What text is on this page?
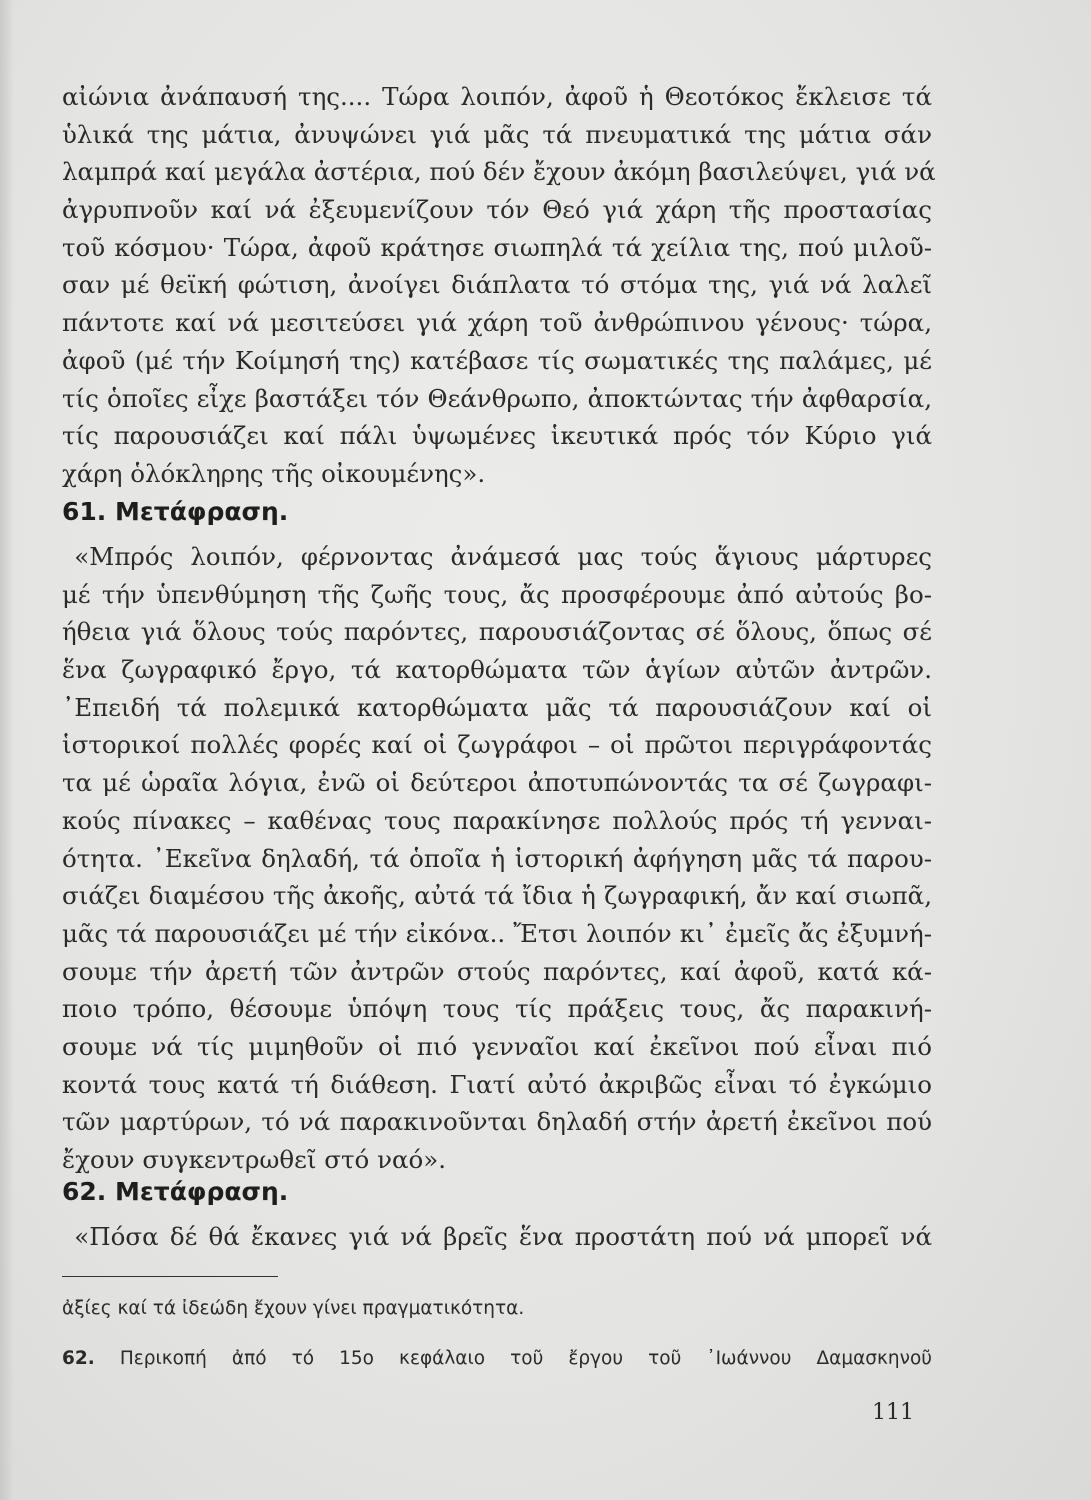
αἰώνια ἀνάπαυσή της.... Τώρα λοιπόν, ἀφοῦ ἡ Θεοτόκος ἔκλεισε τά
ὑλικά της μάτια, ἀνυψώνει γιά μᾶς τά πνευματικά της μάτια σάν
λαμπρά καί μεγάλα ἀστέρια, πού δέν ἔχουν ἀκόμη βασιλεύψει, γιά νά
ἀγρυπνοῦν καί νά ἐξευμενίζουν τόν Θεό γιά χάρη τῆς προστασίας
τοῦ κόσμου· Τώρα, ἀφοῦ κράτησε σιωπηλά τά χείλια της, πού μιλοῦ-
σαν μέ θεϊκή φώτιση, ἀνοίγει διάπλατα τό στόμα της, γιά νά λαλεῖ
πάντοτε καί νά μεσιτεύσει γιά χάρη τοῦ ἀνθρώπινου γένους· τώρα,
ἀφοῦ (μέ τήν Κοίμησή της) κατέβασε τίς σωματικές της παλάμες, μέ
τίς ὁποῖες εἶχε βαστάξει τόν Θεάνθρωπο, ἀποκτώντας τήν ἀφθαρσία,
τίς παρουσιάζει καί πάλι ὑψωμένες ἱκευτικά πρός τόν Κύριο γιά
χάρη ὁλόκληρης τῆς οἰκουμένης».
61. Μετάφραση.
«Μπρός λοιπόν, φέρνοντας ἀνάμεσά μας τούς ἅγιους μάρτυρες
μέ τήν ὑπενθύμηση τῆς ζωῆς τους, ἄς προσφέρουμε ἀπό αὐτούς βο-
ήθεια γιά ὅλους τούς παρόντες, παρουσιάζοντας σέ ὅλους, ὅπως σέ
ἕνα ζωγραφικό ἔργο, τά κατορθώματα τῶν ἁγίων αὐτῶν ἀντρῶν.
᾿Επειδή τά πολεμικά κατορθώματα μᾶς τά παρουσιάζουν καί οἱ
ἱστορικοί πολλές φορές καί οἱ ζωγράφοι – οἱ πρῶτοι περιγράφοντάς
τα μέ ὡραῖα λόγια, ἐνῶ οἱ δεύτεροι ἀποτυπώνοντάς τα σέ ζωγραφι-
κούς πίνακες – καθένας τους παρακίνησε πολλούς πρός τή γενναι-
ότητα. ᾿Εκεῖνα δηλαδή, τά ὁποῖα ἡ ἱστορική ἀφήγηση μᾶς τά παρου-
σιάζει διαμέσου τῆς ἀκοῆς, αὐτά τά ἴδια ἡ ζωγραφική, ἄν καί σιωπᾶ,
μᾶς τά παρουσιάζει μέ τήν εἰκόνα.. Ἔτσι λοιπόν κι᾿ ἐμεῖς ἄς ἐξυμνή-
σουμε τήν ἀρετή τῶν ἀντρῶν στούς παρόντες, καί ἀφοῦ, κατά κά-
ποιο τρόπο, θέσουμε ὑπόψη τους τίς πράξεις τους, ἄς παρακινή-
σουμε νά τίς μιμηθοῦν οἱ πιό γενναῖοι καί ἐκεῖνοι πού εἶναι πιό
κοντά τους κατά τή διάθεση. Γιατί αὐτό ἀκριβῶς εἶναι τό ἐγκώμιο
τῶν μαρτύρων, τό νά παρακινοῦνται δηλαδή στήν ἀρετή ἐκεῖνοι πού
ἔχουν συγκεντρωθεῖ στό ναό».
62. Μετάφραση.
«Πόσα δέ θά ἔκανες γιά νά βρεῖς ἕνα προστάτη πού νά μπορεῖ νά
ἀξίες καί τά ἰδεώδη ἔχουν γίνει πραγματικότητα.
62. Περικοπή ἀπό τό 15ο κεφάλαιο τοῦ ἔργου τοῦ ᾿Ιωάννου Δαμασκηνοῦ
111
